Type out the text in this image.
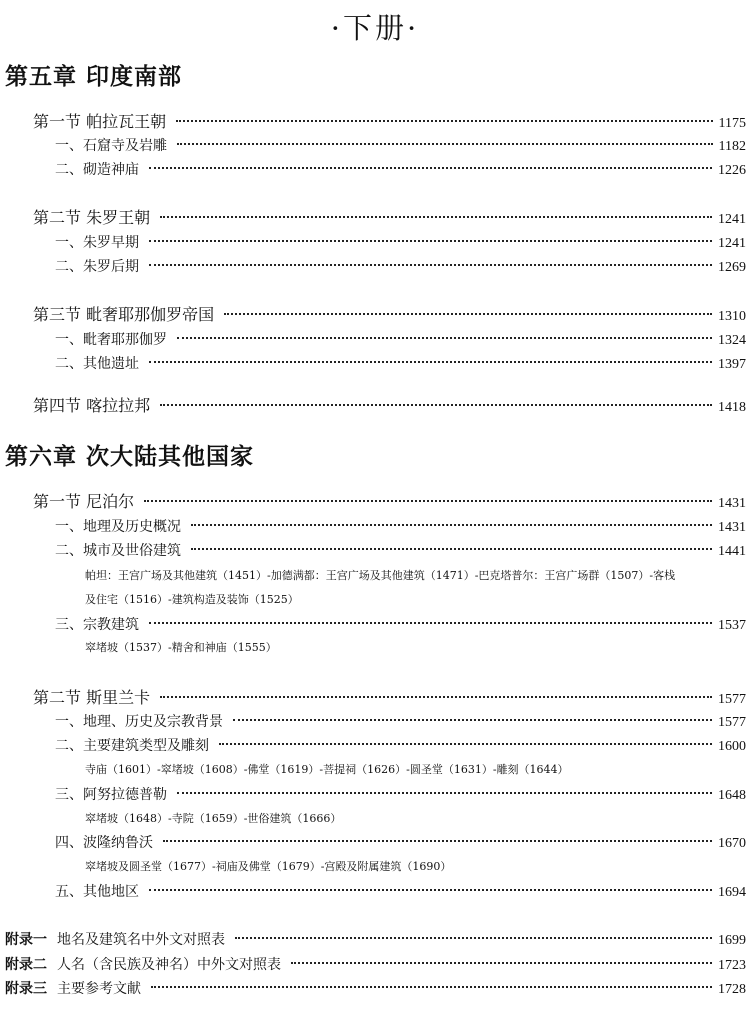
·下册·
第五章 印度南部
第一节 帕拉瓦王朝	1175
一、石窟寺及岩雕	1182
二、砌造神庙	1226
第二节 朱罗王朝	1241
一、朱罗早期	1241
二、朱罗后期	1269
第三节 毗奢耶那伽罗帝国	1310
一、毗奢耶那伽罗	1324
二、其他遗址	1397
第四节 喀拉拉邦	1418
第六章 次大陆其他国家
第一节 尼泊尔	1431
一、地理及历史概况	1431
二、城市及世俗建筑	1441
帕坦：王宫广场及其他建筑（1451）-加德满都：王宫广场及其他建筑（1471）-巴克塔普尔：王宫广场群（1507）-客栈
及住宅（1516）-建筑构造及装饰（1525）
三、宗教建筑	1537
窣堵坡（1537）-精舍和神庙（1555）
第二节 斯里兰卡	1577
一、地理、历史及宗教背景	1577
二、主要建筑类型及雕刻	1600
寺庙（1601）-窣堵坡（1608）-佛堂（1619）-菩提祠（1626）-圆圣堂（1631）-雕刻（1644）
三、阿努拉德普勒	1648
窣堵坡（1648）-寺院（1659）-世俗建筑（1666）
四、波隆纳鲁沃	1670
窣堵坡及圆圣堂（1677）-祠庙及佛堂（1679）-宫殿及附属建筑（1690）
五、其他地区	1694
附录一 地名及建筑名中外文对照表	1699
附录二 人名（含民族及神名）中外文对照表	1723
附录三 主要参考文献	1728
